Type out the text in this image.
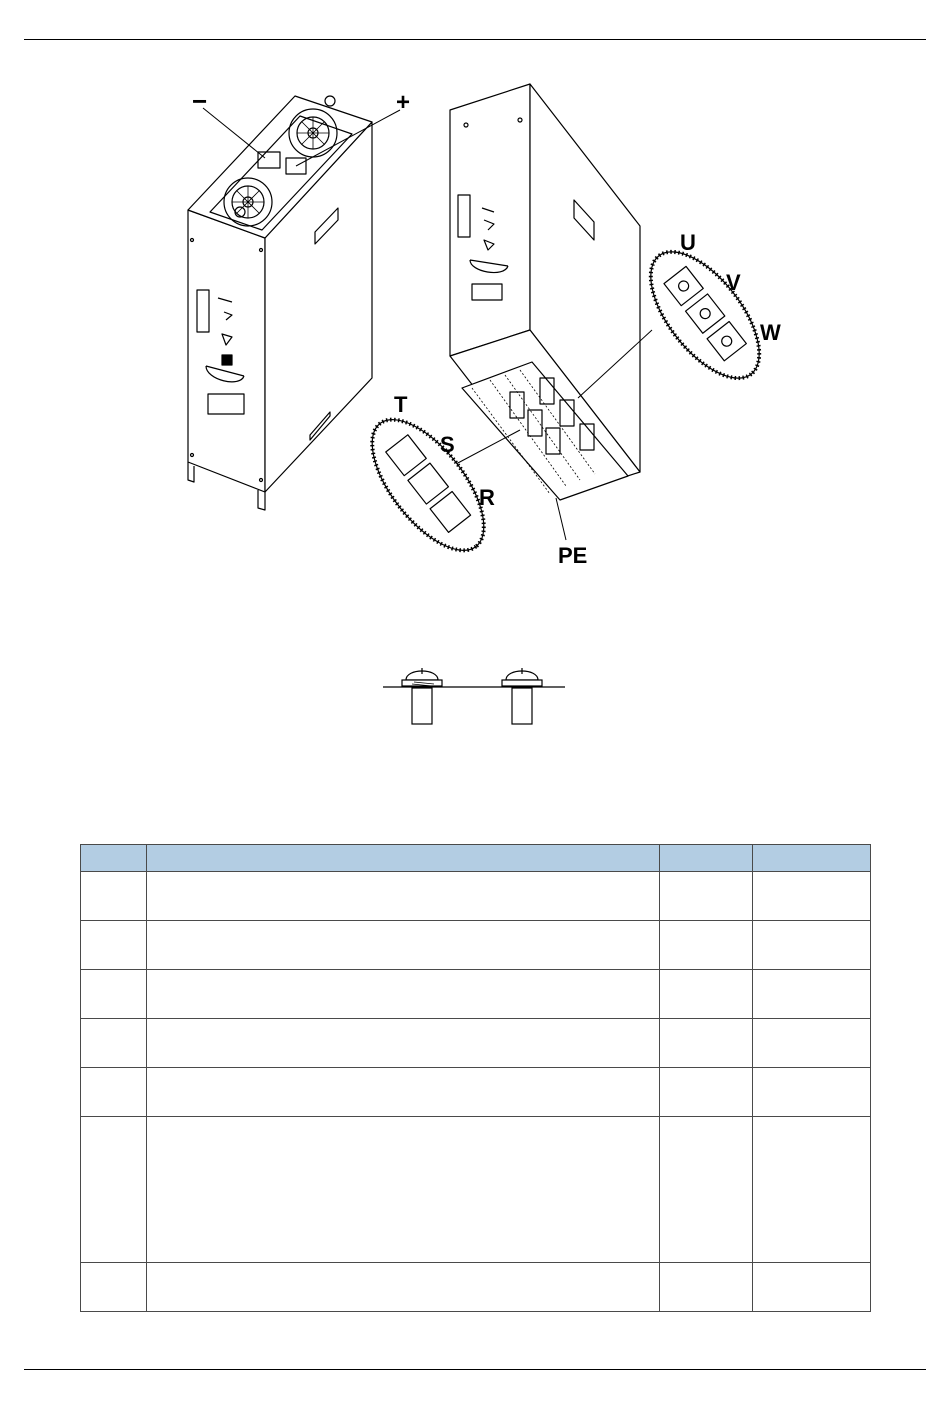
−	+
U
V
W
T
S
R
PE
